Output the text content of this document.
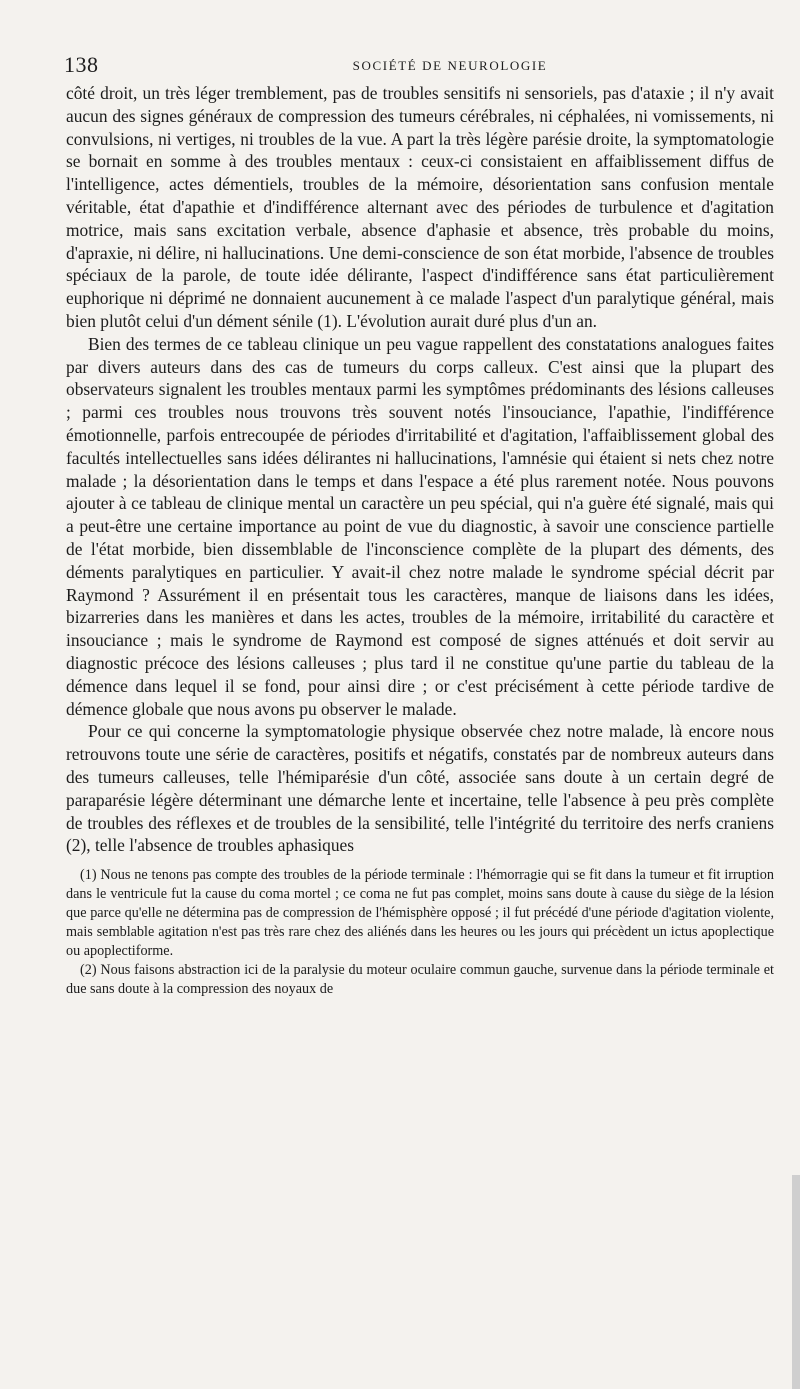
138	SOCIÉTÉ DE NEUROLOGIE

côté droit, un très léger tremblement, pas de troubles sensitifs ni sensoriels, pas d'ataxie ; il n'y avait aucun des signes généraux de compression des tumeurs cérébrales, ni céphalées, ni vomissements, ni convulsions, ni vertiges, ni troubles de la vue. A part la très légère parésie droite, la symptomatologie se bornait en somme à des troubles mentaux : ceux-ci consistaient en affaiblissement diffus de l'intelligence, actes démentiels, troubles de la mémoire, désorientation sans confusion mentale véritable, état d'apathie et d'indifférence alternant avec des périodes de turbulence et d'agitation motrice, mais sans excitation verbale, absence d'aphasie et absence, très probable du moins, d'apraxie, ni délire, ni hallucinations. Une demi-conscience de son état morbide, l'absence de troubles spéciaux de la parole, de toute idée délirante, l'aspect d'indifférence sans état particulièrement euphorique ni déprimé ne donnaient aucunement à ce malade l'aspect d'un paralytique général, mais bien plutôt celui d'un dément sénile (1). L'évolution aurait duré plus d'un an.

Bien des termes de ce tableau clinique un peu vague rappellent des constatations analogues faites par divers auteurs dans des cas de tumeurs du corps calleux. C'est ainsi que la plupart des observateurs signalent les troubles mentaux parmi les symptômes prédominants des lésions calleuses ; parmi ces troubles nous trouvons très souvent notés l'insouciance, l'apathie, l'indifférence émotionnelle, parfois entrecoupée de périodes d'irritabilité et d'agitation, l'affaiblissement global des facultés intellectuelles sans idées délirantes ni hallucinations, l'amnésie qui étaient si nets chez notre malade ; la désorientation dans le temps et dans l'espace a été plus rarement notée. Nous pouvons ajouter à ce tableau de clinique mental un caractère un peu spécial, qui n'a guère été signalé, mais qui a peut-être une certaine importance au point de vue du diagnostic, à savoir une conscience partielle de l'état morbide, bien dissemblable de l'inconscience complète de la plupart des déments, des déments paralytiques en particulier. Y avait-il chez notre malade le syndrome spécial décrit par Raymond ? Assurément il en présentait tous les caractères, manque de liaisons dans les idées, bizarreries dans les manières et dans les actes, troubles de la mémoire, irritabilité du caractère et insouciance ; mais le syndrome de Raymond est composé de signes atténués et doit servir au diagnostic précoce des lésions calleuses ; plus tard il ne constitue qu'une partie du tableau de la démence dans lequel il se fond, pour ainsi dire ; or c'est précisément à cette période tardive de démence globale que nous avons pu observer le malade.

Pour ce qui concerne la symptomatologie physique observée chez notre malade, là encore nous retrouvons toute une série de caractères, positifs et négatifs, constatés par de nombreux auteurs dans des tumeurs calleuses, telle l'hémiparésie d'un côté, associée sans doute à un certain degré de paraparésie légère déterminant une démarche lente et incertaine, telle l'absence à peu près complète de troubles des réflexes et de troubles de la sensibilité, telle l'intégrité du territoire des nerfs craniens (2), telle l'absence de troubles aphasiques

(1) Nous ne tenons pas compte des troubles de la période terminale : l'hémorragie qui se fit dans la tumeur et fit irruption dans le ventricule fut la cause du coma mortel ; ce coma ne fut pas complet, moins sans doute à cause du siège de la lésion que parce qu'elle ne détermina pas de compression de l'hémisphère opposé ; il fut précédé d'une période d'agitation violente, mais semblable agitation n'est pas très rare chez des aliénés dans les heures ou les jours qui précèdent un ictus apoplectique ou apoplectiforme.

(2) Nous faisons abstraction ici de la paralysie du moteur oculaire commun gauche, survenue dans la période terminale et due sans doute à la compression des noyaux de
